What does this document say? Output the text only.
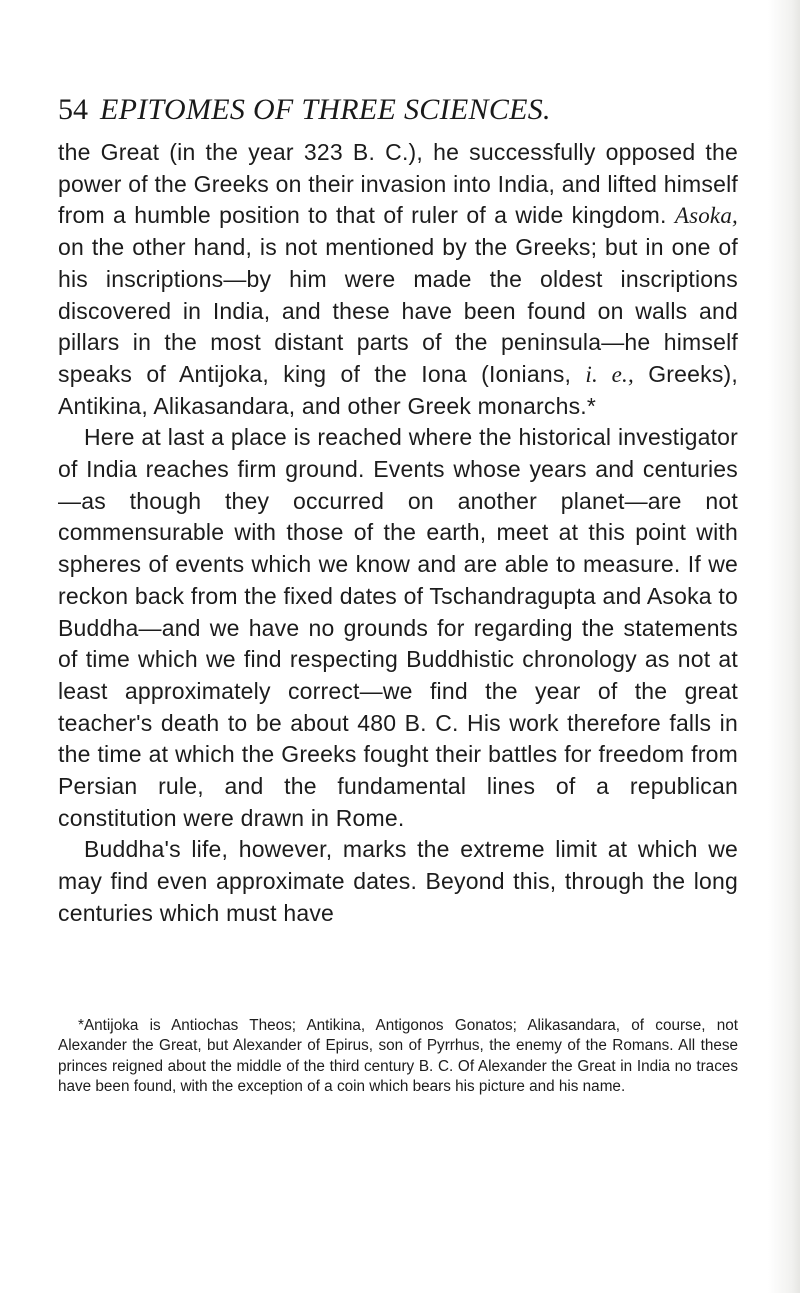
54 EPITOMES OF THREE SCIENCES.

the Great (in the year 323 B. C.), he successfully opposed the power of the Greeks on their invasion into India, and lifted himself from a humble position to that of ruler of a wide kingdom. Asoka, on the other hand, is not mentioned by the Greeks; but in one of his inscriptions—by him were made the oldest inscriptions discovered in India, and these have been found on walls and pillars in the most distant parts of the peninsula—he himself speaks of Antijoka, king of the Iona (Ionians, i. e., Greeks), Antikina, Alikasandara, and other Greek monarchs.*

Here at last a place is reached where the historical investigator of India reaches firm ground. Events whose years and centuries—as though they occurred on another planet—are not commensurable with those of the earth, meet at this point with spheres of events which we know and are able to measure. If we reckon back from the fixed dates of Tschandragupta and Asoka to Buddha—and we have no grounds for regarding the statements of time which we find respecting Buddhistic chronology as not at least approximately correct—we find the year of the great teacher's death to be about 480 B. C. His work therefore falls in the time at which the Greeks fought their battles for freedom from Persian rule, and the fundamental lines of a republican constitution were drawn in Rome.

Buddha's life, however, marks the extreme limit at which we may find even approximate dates. Beyond this, through the long centuries which must have

*Antijoka is Antiochas Theos; Antikina, Antigonos Gonatos; Alikasandara, of course, not Alexander the Great, but Alexander of Epirus, son of Pyrrhus, the enemy of the Romans. All these princes reigned about the middle of the third century B. C. Of Alexander the Great in India no traces have been found, with the exception of a coin which bears his picture and his name.
